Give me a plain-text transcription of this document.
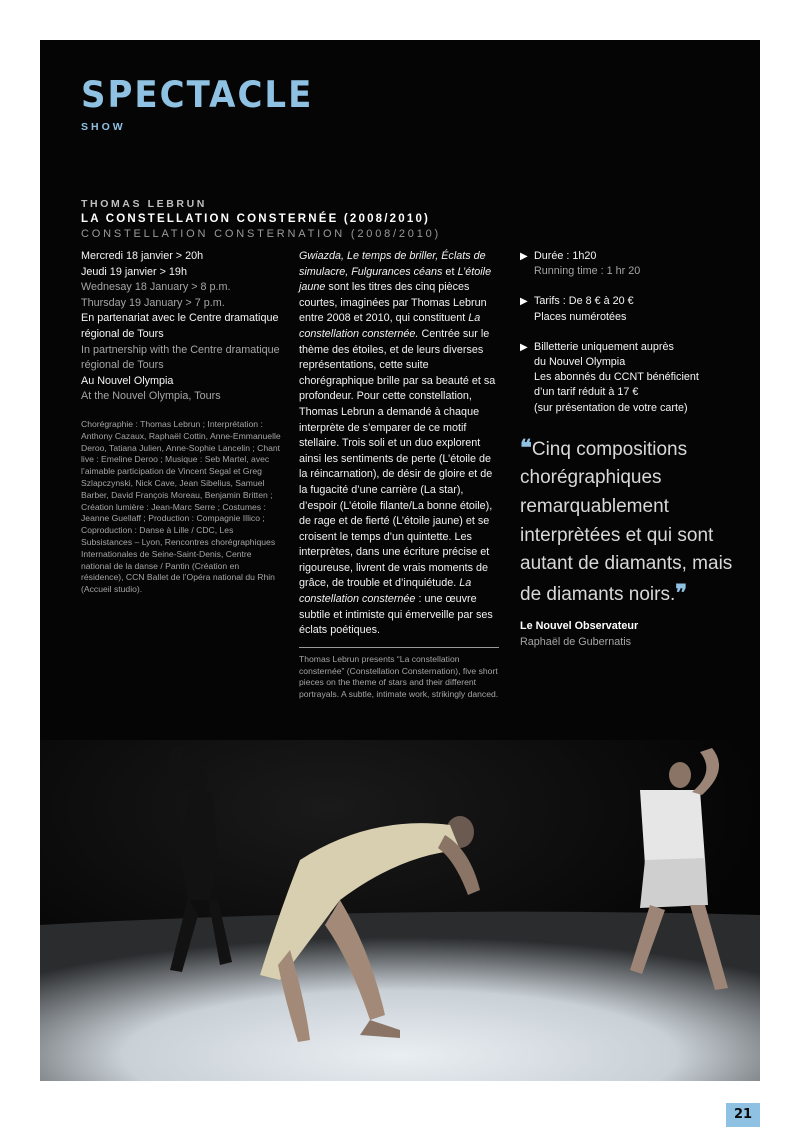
SPECTACLE
SHOW
THOMAS LEBRUN
LA CONSTELLATION CONSTERNÉE (2008/2010)
CONSTELLATION CONSTERNATION (2008/2010)
Mercredi 18 janvier > 20h
Jeudi 19 janvier > 19h
Wednesay 18 January > 8 p.m.
Thursday 19 January > 7 p.m.
En partenariat avec le Centre dramatique régional de Tours
In partnership with the Centre dramatique régional de Tours
Au Nouvel Olympia
At the Nouvel Olympia, Tours
Chorégraphie : Thomas Lebrun ; Interprétation : Anthony Cazaux, Raphaël Cottin, Anne-Emmanuelle Deroo, Tatiana Julien, Anne-Sophie Lancelin ; Chant live : Emeline Deroo ; Musique : Seb Martel, avec l’aimable participation de Vincent Segal et Greg Szlapczynski, Nick Cave, Jean Sibelius, Samuel Barber, David François Moreau, Benjamin Britten ; Création lumière : Jean-Marc Serre ; Costumes : Jeanne Guellaff ; Production : Compagnie Illico ; Coproduction : Danse à Lille / CDC, Les Subsistances – Lyon, Rencontres chorégraphiques Internationales de Seine-Saint-Denis, Centre national de la danse / Pantin (Création en résidence), CCN Ballet de l’Opéra national du Rhin (Accueil studio).

Gwiazda, Le temps de briller, Éclats de simulacre, Fulgurances céans et L’étoile jaune sont les titres des cinq pièces courtes, imaginées par Thomas Lebrun entre 2008 et 2010, qui constituent La constellation consternée. Centrée sur le thème des étoiles, et de leurs diverses représentations, cette suite chorégraphique brille par sa beauté et sa profondeur. Pour cette constellation, Thomas Lebrun a demandé à chaque interprète de s’emparer de ce motif stellaire. Trois soli et un duo explorent ainsi les sentiments de perte (L’étoile de la réincarnation), de désir de gloire et de la fugacité d’une carrière (La star), d’espoir (L’étoile filante/La bonne étoile), de rage et de fierté (L’étoile jaune) et se croisent le temps d’un quintette. Les interprètes, dans une écriture précise et rigoureuse, livrent de vrais moments de grâce, de trouble et d’inquiétude. La constellation consternée : une œuvre subtile et intimiste qui émerveille par ses éclats poétiques.

Thomas Lebrun presents “La constellation consternée” (Constellation Consternation), five short pieces on the theme of stars and their different portrayals. A subtle, intimate work, strikingly danced.
▶ Durée : 1h20
Running time : 1 hr 20
▶ Tarifs : De 8 € à 20 €
Places numérotées
▶ Billetterie uniquement auprès
du Nouvel Olympia
Les abonnés du CCNT bénéficient
d’un tarif réduit à 17 €
(sur présentation de votre carte)
❝Cinq compositions chorégraphiques remarquablement interprètées et qui sont autant de diamants, mais de diamants noirs.❞
Le Nouvel Observateur
Raphaël de Gubernatis
21
